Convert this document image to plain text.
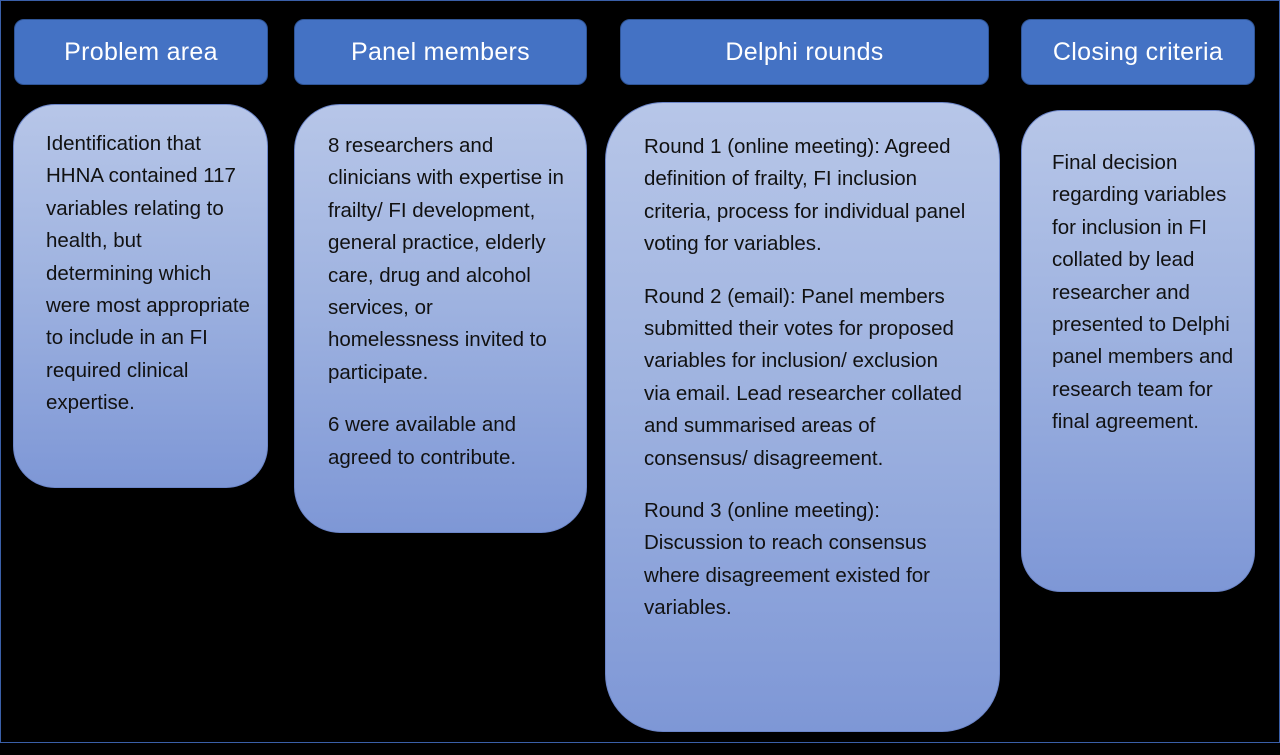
Problem area

Identification that HHNA contained 117 variables relating to health, but determining which were most appropriate to include in an FI required clinical expertise.

Panel members

8 researchers and clinicians with expertise in frailty/ FI development, general practice, elderly care, drug and alcohol services, or homelessness invited to participate.

6 were available and agreed to contribute.

Delphi rounds

Round 1 (online meeting): Agreed definition of frailty, FI inclusion criteria, process for individual panel voting for variables.

Round 2 (email): Panel members submitted their votes for proposed variables for inclusion/ exclusion via email. Lead researcher collated and summarised areas of consensus/ disagreement.

Round 3 (online meeting): Discussion to reach consensus where disagreement existed for variables.

Closing criteria

Final decision regarding variables for inclusion in FI collated by lead researcher and presented to Delphi panel members and research team for final agreement.
